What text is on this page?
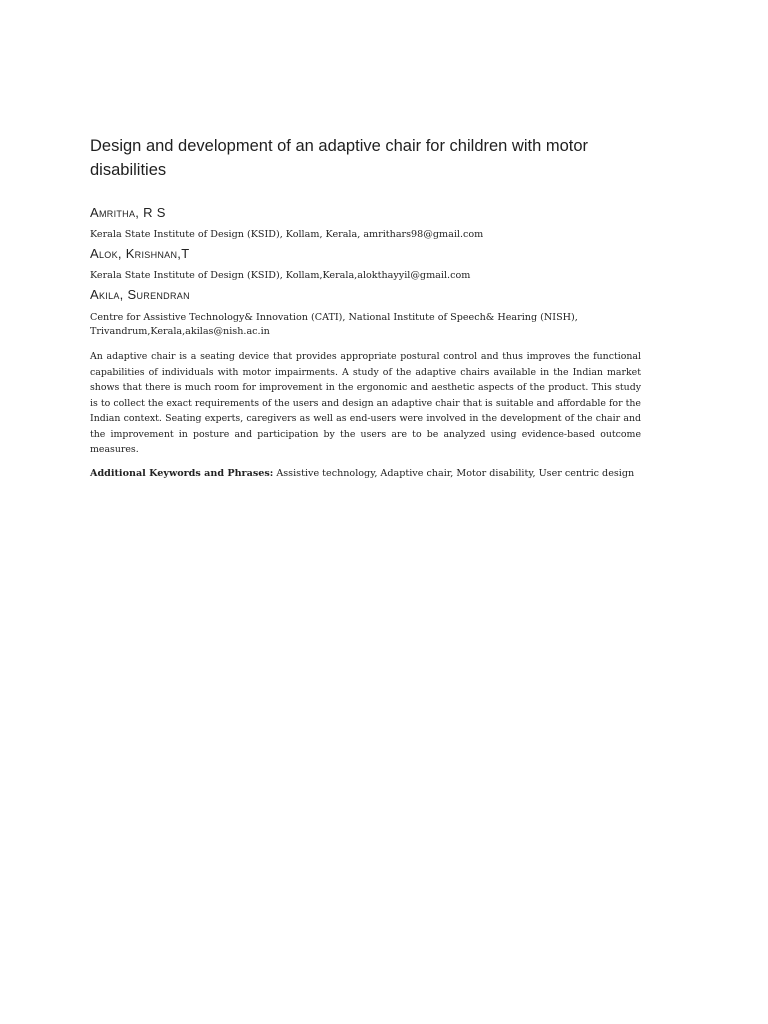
Design and development of an adaptive chair for children with motor disabilities
Amritha, R S
Kerala State Institute of Design (KSID), Kollam, Kerala, amrithars98@gmail.com
Alok, Krishnan,T
Kerala State Institute of Design (KSID), Kollam,Kerala,alokthayyil@gmail.com
Akila, Surendran
Centre for Assistive Technology& Innovation (CATI), National Institute of Speech& Hearing (NISH),
Trivandrum,Kerala,akilas@nish.ac.in

An adaptive chair is a seating device that provides appropriate postural control and thus improves the functional capabilities of individuals with motor impairments. A study of the adaptive chairs available in the Indian market shows that there is much room for improvement in the ergonomic and aesthetic aspects of the product. This study is to collect the exact requirements of the users and design an adaptive chair that is suitable and affordable for the Indian context. Seating experts, caregivers as well as end-users were involved in the development of the chair and the improvement in posture and participation by the users are to be analyzed using evidence-based outcome measures.

Additional Keywords and Phrases: Assistive technology, Adaptive chair, Motor disability, User centric design
